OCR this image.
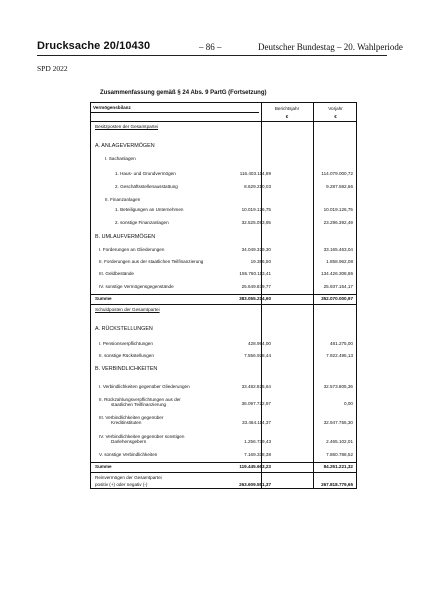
Drucksache 20/10430	– 86 –	Deutscher Bundestag – 20. Wahlperiode
SPD 2022
Zusammenfassung gemäß § 24 Abs. 9 PartG (Fortsetzung)
Vermögensbilanz	Berichtsjahr	Vorjahr
€	€
Besitzposten der Gesamtpartei
A. ANLAGEVERMÖGEN
I. Sachanlagen
1. Haus- und Grundvermögen	116.403.114,89	114.079.000,72
2. Geschäftsstellenausstattung	8.629.210,03	9.287.592,66
II. Finanzanlagen
1. Beteiligungen an Unternehmen	10.019.126,75	10.019.126,75
2. sonstige Finanzanlagen	32.525.093,95	23.296.392,49
B. UMLAUFVERMÖGEN
I. Forderungen an Gliederungen	34.049.329,30	33.165.463,04
II. Forderungen aus der staatlichen Teilfinanzierung	19.386,50	1.858.962,08
III. Geldbestände	155.760.113,41	134.426.308,86
IV. sonstige Vermögensgegenstände	25.649.839,77	25.937.154,17
Summe	383.055.214,60	352.070.000,97
Schuldposten der Gesamtpartei
A. RÜCKSTELLUNGEN
I. Pensionsverpflichtungen	428.994,00	481.275,00
II. sonstige Rückstellungen	7.556.928,44	7.922.495,13
B. VERBINDLICHKEITEN
I. Verbindlichkeiten gegenüber Gliederungen	33.482.825,64	32.573.805,36
II. Rückzahlungsverpflichtungen aus der
staatlichen Teilfinanzierung	36.097.722,97	0,00
III. Verbindlichkeiten gegenüber
Kreditinstituten	33.464.114,37	32.947.755,30
IV. Verbindlichkeiten gegenüber sonstigen
Darlehensgebern	1.256.739,43	2.465.102,01
V. sonstige Verbindlichkeiten	7.169.338,38	7.860.788,52
Summe	119.445.663,23	84.251.221,32
Reinvermögen der Gesamtpartei
positiv (+) oder negativ (-)	263.609.551,37	267.818.779,65
